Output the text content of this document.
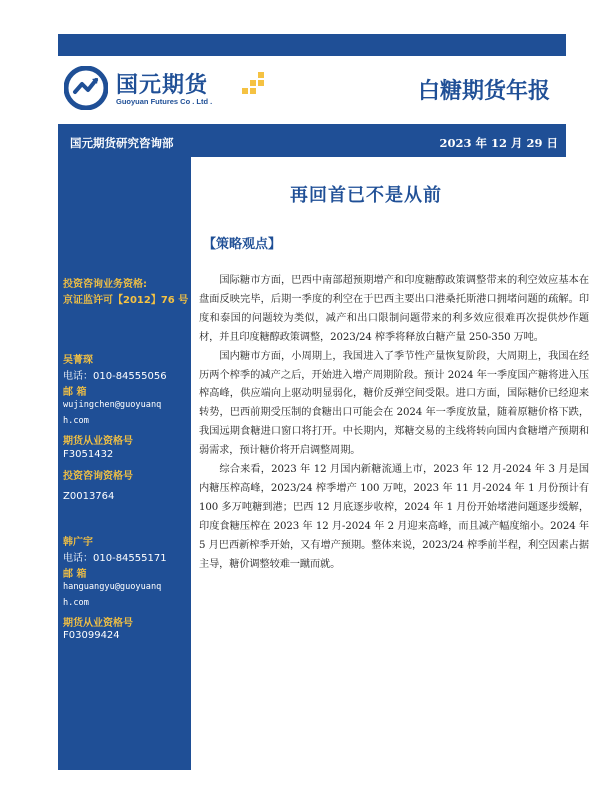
国元期货
Guoyuan Futures Co . Ltd .	白糖期货年报
国元期货研究咨询部	2023 年 12 月 29 日
投资咨询业务资格:
京证监许可【2012】76 号
吴菁琛
电话：010-84555056
邮 箱
wujingchen@guoyuanq
h.com
期货从业资格号
F3051432
投资咨询资格号
Z0013764
韩广宇
电话：010-84555171
邮 箱
hanguangyu@guoyuanq
h.com
期货从业资格号
F03099424
再回首已不是从前
【策略观点】

国际糖市方面，巴西中南部超预期增产和印度糖醇政策调整带来的利空效应基本在盘面反映完毕，后期一季度的利空在于巴西主要出口港桑托斯港口拥堵问题的疏解。印度和泰国的问题较为类似，减产和出口限制问题带来的利多效应很难再次提供炒作题材，并且印度糖醇政策调整，2023/24 榨季将释放白糖产量 250-350 万吨。

国内糖市方面，小周期上，我国进入了季节性产量恢复阶段，大周期上，我国在经历两个榨季的减产之后，开始进入增产周期阶段。预计 2024 年一季度国产糖将进入压榨高峰，供应端向上驱动明显弱化，糖价反弹空间受限。进口方面，国际糖价已经迎来转势，巴西前期受压制的食糖出口可能会在 2024 年一季度放量，随着原糖价格下跌，我国远期食糖进口窗口将打开。中长期内，郑糖交易的主线将转向国内食糖增产预期和弱需求，预计糖价将开启调整周期。

综合来看，2023 年 12 月国内新糖流通上市，2023 年 12 月-2024 年 3 月是国内糖压榨高峰，2023/24 榨季增产 100 万吨，2023 年 11 月-2024 年 1 月份预计有 100 多万吨糖到港；巴西 12 月底逐步收榨，2024 年 1 月份开始堵港问题逐步缓解，印度食糖压榨在 2023 年 12 月-2024 年 2 月迎来高峰，而且减产幅度缩小。2024 年 5 月巴西新榨季开始，又有增产预期。整体来说，2023/24 榨季前半程，利空因素占据主导，糖价调整较难一蹴而就。
